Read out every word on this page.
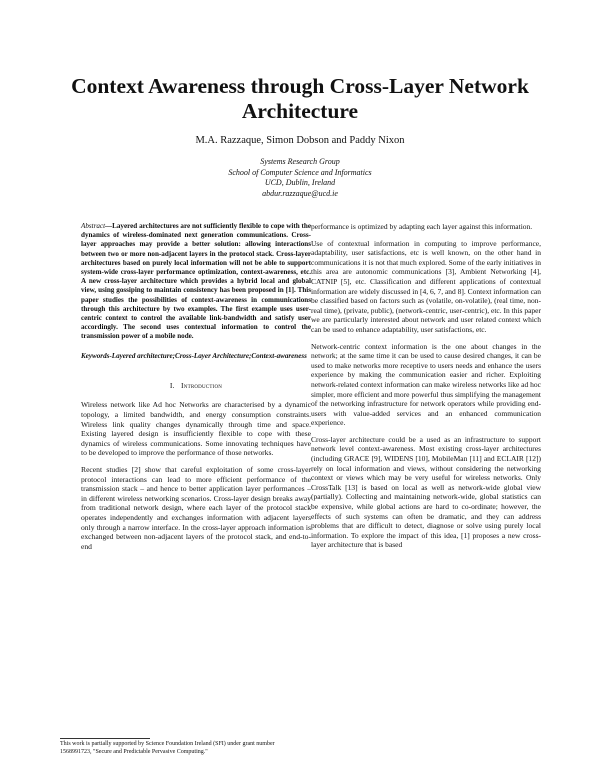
Context Awareness through Cross-Layer Network Architecture
M.A. Razzaque, Simon Dobson and Paddy Nixon
Systems Research Group
School of Computer Science and Informatics
UCD, Dublin, Ireland
abdur.razzaque@ucd.ie

Abstract—Layered architectures are not sufficiently flexible to cope with the dynamics of wireless-dominated next generation communications. Cross-layer approaches may provide a better solution: allowing interactions between two or more non-adjacent layers in the protocol stack. Cross-layer architectures based on purely local information will not be able to support system-wide cross-layer performance optimization, context-awareness, etc. A new cross-layer architecture which provides a hybrid local and global view, using gossiping to maintain consistency has been proposed in [1]. This paper studies the possibilities of context-awareness in communications through this architecture by two examples. The first example uses user-centric context to control the available link-bandwidth and satisfy user accordingly. The second uses contextual information to control the transmission power of a mobile node.

Keywords-Layered architecture;Cross-Layer Architecture;Context-awareness

I. Introduction

Wireless network like Ad hoc Networks are characterised by a dynamic topology, a limited bandwidth, and energy consumption constraints. Wireless link quality changes dynamically through time and space. Existing layered design is insufficiently flexible to cope with these dynamics of wireless communications. Some innovating techniques have to be developed to improve the performance of those networks.

Recent studies [2] show that careful exploitation of some cross-layer protocol interactions can lead to more efficient performance of the transmission stack – and hence to better application layer performances – in different wireless networking scenarios. Cross-layer design breaks away from traditional network design, where each layer of the protocol stack operates independently and exchanges information with adjacent layers only through a narrow interface. In the cross-layer approach information is exchanged between non-adjacent layers of the protocol stack, and end-to-end

performance is optimized by adapting each layer against this information.

Use of contextual information in computing to improve performance, adaptability, user satisfactions, etc is well known, on the other hand in communications it is not that much explored. Some of the early initiatives in this area are autonomic communications [3], Ambient Networking [4], CATNIP [5], etc. Classification and different applications of contextual information are widely discussed in [4, 6, 7, and 8]. Context information can be classified based on factors such as (volatile, on-volatile), (real time, non-real time), (private, public), (network-centric, user-centric), etc. In this paper we are particularly interested about network and user related context which can be used to enhance adaptability, user satisfactions, etc.

Network-centric context information is the one about changes in the network; at the same time it can be used to cause desired changes, it can be used to make networks more receptive to users needs and enhance the users experience by making the communication easier and richer. Exploiting network-related context information can make wireless networks like ad hoc simpler, more efficient and more powerful thus simplifying the management of the networking infrastructure for network operators while providing end-users with value-added services and an enhanced communication experience.

Cross-layer architecture could be a used as an infrastructure to support network level context-awareness. Most existing cross-layer architectures (including GRACE [9], WIDENS [10], MobileMan [11] and ECLAIR [12]) rely on local information and views, without considering the networking context or views which may be very useful for wireless networks. Only CrossTalk [13] is based on local as well as network-wide global view (partially). Collecting and maintaining network-wide, global statistics can be expensive, while global actions are hard to co-ordinate; however, the effects of such systems can often be dramatic, and they can address problems that are difficult to detect, diagnose or solve using purely local information. To explore the impact of this idea, [1] proposes a new cross-layer architecture that is based

This work is partially supported by Science Foundation Ireland (SFI) under grant number 1568991723, "Secure and Predictable Pervasive Computing."
